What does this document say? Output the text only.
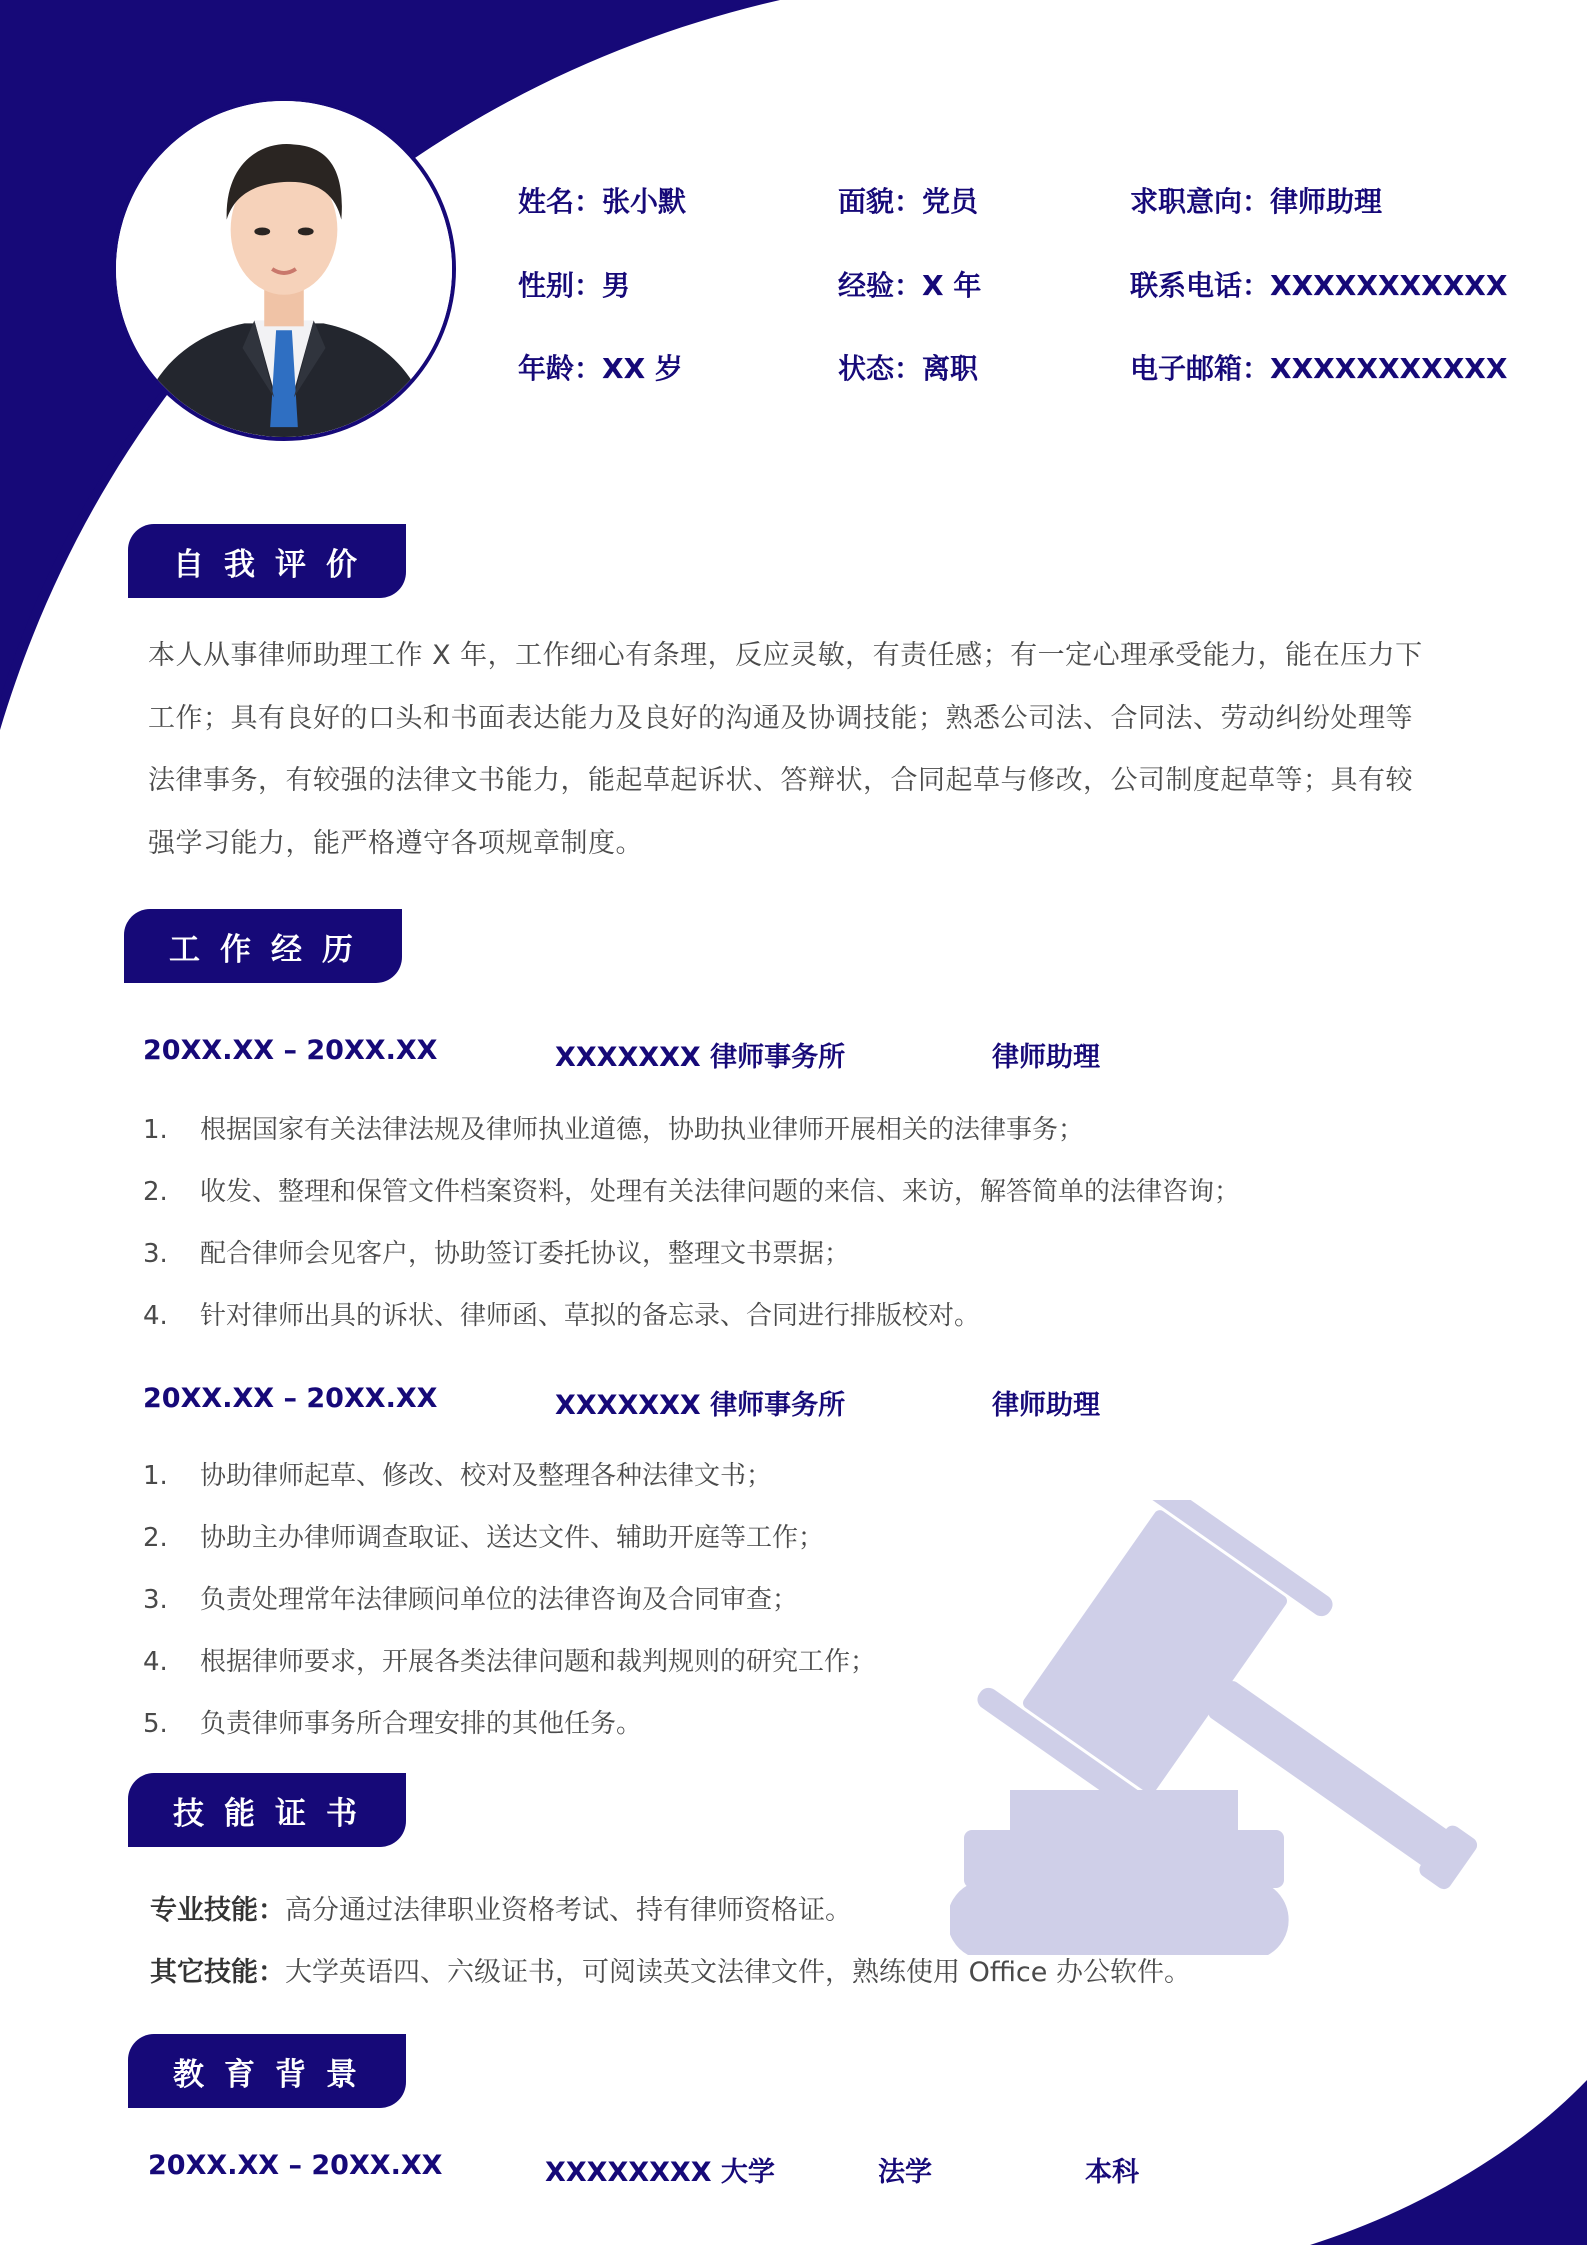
姓名：张小默	面貌：党员	求职意向：律师助理
性别：男	经验：X 年	联系电话：XXXXXXXXXXX
年龄：XX 岁	状态：离职	电子邮箱：XXXXXXXXXXX
自我评价

本人从事律师助理工作 X 年，工作细心有条理，反应灵敏，有责任感；有一定心理承受能力，能在压力下工作；具有良好的口头和书面表达能力及良好的沟通及协调技能；熟悉公司法、合同法、劳动纠纷处理等法律事务，有较强的法律文书能力，能起草起诉状、答辩状，合同起草与修改，公司制度起草等；具有较强学习能力，能严格遵守各项规章制度。

工作经历
20XX.XX – 20XX.XX	XXXXXXX 律师事务所	律师助理
1. 根据国家有关法律法规及律师执业道德，协助执业律师开展相关的法律事务；
2. 收发、整理和保管文件档案资料，处理有关法律问题的来信、来访，解答简单的法律咨询；
3. 配合律师会见客户，协助签订委托协议，整理文书票据；
4. 针对律师出具的诉状、律师函、草拟的备忘录、合同进行排版校对。
20XX.XX – 20XX.XX	XXXXXXX 律师事务所	律师助理
1. 协助律师起草、修改、校对及整理各种法律文书；
2. 协助主办律师调查取证、送达文件、辅助开庭等工作；
3. 负责处理常年法律顾问单位的法律咨询及合同审查；
4. 根据律师要求，开展各类法律问题和裁判规则的研究工作；
5. 负责律师事务所合理安排的其他任务。
技能证书
专业技能：高分通过法律职业资格考试、持有律师资格证。
其它技能：大学英语四、六级证书，可阅读英文法律文件，熟练使用 Office 办公软件。
教育背景
20XX.XX – 20XX.XX	XXXXXXXX 大学	法学	本科
